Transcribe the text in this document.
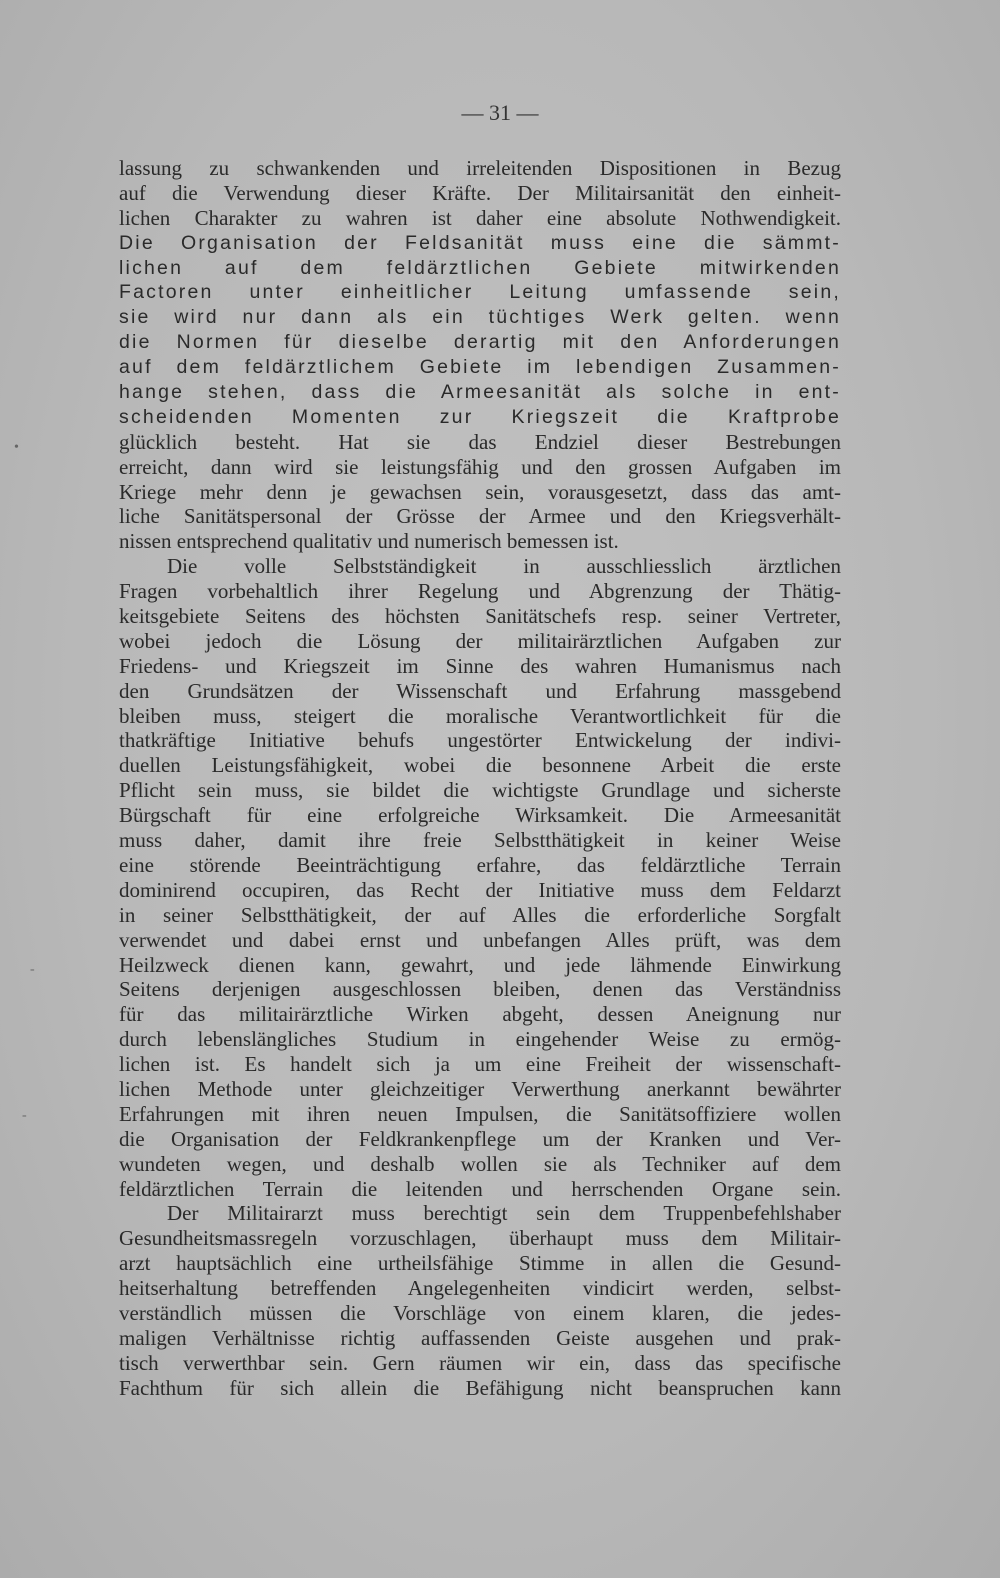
— 31 —
lassung zu schwankenden und irreleitenden Dispositionen in Bezug
auf die Verwendung dieser Kräfte. Der Militairsanität den einheit-
lichen Charakter zu wahren ist daher eine absolute Nothwendigkeit.
Die Organisation der Feldsanität muss eine die sämmt-
lichen auf dem feldärztlichen Gebiete mitwirkenden
Factoren unter einheitlicher Leitung umfassende sein,
sie wird nur dann als ein tüchtiges Werk gelten. wenn
die Normen für dieselbe derartig mit den Anforderungen
auf dem feldärztlichem Gebiete im lebendigen Zusammen-
hange stehen, dass die Armeesanität als solche in ent-
scheidenden Momenten zur Kriegszeit die Kraftprobe
glücklich besteht. Hat sie das Endziel dieser Bestrebungen
erreicht, dann wird sie leistungsfähig und den grossen Aufgaben im
Kriege mehr denn je gewachsen sein, vorausgesetzt, dass das amt-
liche Sanitätspersonal der Grösse der Armee und den Kriegsverhält-
nissen entsprechend qualitativ und numerisch bemessen ist.
Die volle Selbstständigkeit in ausschliesslich ärztlichen
Fragen vorbehaltlich ihrer Regelung und Abgrenzung der Thätig-
keitsgebiete Seitens des höchsten Sanitätschefs resp. seiner Vertreter,
wobei jedoch die Lösung der militairärztlichen Aufgaben zur
Friedens- und Kriegszeit im Sinne des wahren Humanismus nach
den Grundsätzen der Wissenschaft und Erfahrung massgebend
bleiben muss, steigert die moralische Verantwortlichkeit für die
thatkräftige Initiative behufs ungestörter Entwickelung der indivi-
duellen Leistungsfähigkeit, wobei die besonnene Arbeit die erste
Pflicht sein muss, sie bildet die wichtigste Grundlage und sicherste
Bürgschaft für eine erfolgreiche Wirksamkeit. Die Armeesanität
muss daher, damit ihre freie Selbstthätigkeit in keiner Weise
eine störende Beeinträchtigung erfahre, das feldärztliche Terrain
dominirend occupiren, das Recht der Initiative muss dem Feldarzt
in seiner Selbstthätigkeit, der auf Alles die erforderliche Sorgfalt
verwendet und dabei ernst und unbefangen Alles prüft, was dem
Heilzweck dienen kann, gewahrt, und jede lähmende Einwirkung
Seitens derjenigen ausgeschlossen bleiben, denen das Verständniss
für das militairärztliche Wirken abgeht, dessen Aneignung nur
durch lebenslängliches Studium in eingehender Weise zu ermög-
lichen ist. Es handelt sich ja um eine Freiheit der wissenschaft-
lichen Methode unter gleichzeitiger Verwerthung anerkannt bewährter
Erfahrungen mit ihren neuen Impulsen, die Sanitätsoffiziere wollen
die Organisation der Feldkrankenpflege um der Kranken und Ver-
wundeten wegen, und deshalb wollen sie als Techniker auf dem
feldärztlichen Terrain die leitenden und herrschenden Organe sein.
Der Militairarzt muss berechtigt sein dem Truppenbefehlshaber
Gesundheitsmassregeln vorzuschlagen, überhaupt muss dem Militair-
arzt hauptsächlich eine urtheilsfähige Stimme in allen die Gesund-
heitserhaltung betreffenden Angelegenheiten vindicirt werden, selbst-
verständlich müssen die Vorschläge von einem klaren, die jedes-
maligen Verhältnisse richtig auffassenden Geiste ausgehen und prak-
tisch verwerthbar sein. Gern räumen wir ein, dass das specifische
Fachthum für sich allein die Befähigung nicht beanspruchen kann
•
-
-
